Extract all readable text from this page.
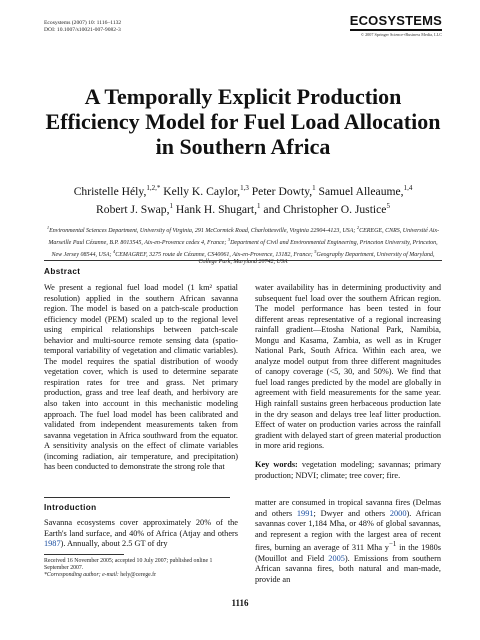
Ecosystems (2007) 10: 1116–1132
DOI: 10.1007/s10021-007-9082-3
ECOSYSTEMS
© 2007 Springer Science+Business Media, LLC
A Temporally Explicit Production Efficiency Model for Fuel Load Allocation in Southern Africa
Christelle Hély,$^{1,2,*}$ Kelly K. Caylor,$^{1,3}$ Peter Dowty,$^1$ Samuel Alleaume,$^{1,4}$
Robert J. Swap,$^1$ Hank H. Shugart,$^1$ and Christopher O. Justice$^5$
$^1$Environmental Sciences Department, University of Virginia, 291 McCormick Road, Charlottesville, Virginia 22904-4123, USA; $^2$CEREGE, CNRS, Université Aix-Marseille Paul Cézanne, B.P. 8013545, Aix-en-Provence cedex 4, France; $^3$Department of Civil and Environmental Engineering, Princeton University, Princeton, New Jersey 08544, USA; $^4$CEMAGREF, 3275 route de Cézanne, CS40061, Aix-en-Provence, 13182, France; $^5$Geography Department, University of Maryland, College Park, Maryland 20742, USA
Abstract

We present a regional fuel load model (1 km² spatial resolution) applied in the southern African savanna region. The model is based on a patch-scale production efficiency model (PEM) scaled up to the regional level using empirical relationships between patch-scale behavior and multi-source remote sensing data (spatio-temporal variability of vegetation and climatic variables). The model requires the spatial distribution of woody vegetation cover, which is used to determine separate respiration rates for tree and grass. Net primary production, grass and tree leaf death, and herbivory are also taken into account in this mechanistic modeling approach. The fuel load model has been calibrated and validated from independent measurements taken from savanna vegetation in Africa southward from the equator. A sensitivity analysis on the effect of climate variables (incoming radiation, air temperature, and precipitation) has been conducted to demonstrate the strong role that

water availability has in determining productivity and subsequent fuel load over the southern African region. The model performance has been tested in four different areas representative of a regional increasing rainfall gradient—Etosha National Park, Namibia, Mongu and Kasama, Zambia, as well as in Kruger National Park, South Africa. Within each area, we analyze model output from three different magnitudes of canopy coverage (<5, 30, and 50%). We find that fuel load ranges predicted by the model are globally in agreement with field measurements for the same year. High rainfall sustains green herbaceous production late in the dry season and delays tree leaf litter production. Effect of water on production varies across the rainfall gradient with delayed start of green material production in more arid regions.

Key words: vegetation modeling; savannas; primary production; NDVI; climate; tree cover; fire.

Introduction

Savanna ecosystems cover approximately 20% of the Earth's land surface, and 40% of Africa (Atjay and others 1987). Annually, about 2.5 GT of dry

matter are consumed in tropical savanna fires (Delmas and others 1991; Dwyer and others 2000). African savannas cover 1,184 Mha, or 48% of global savannas, and represent a region with the largest area of recent fires, burning an average of 311 Mha $y^{-1}$ in the 1980s (Mouillot and Field 2005). Emissions from southern African savanna fires, both natural and man-made, provide an

Received 16 November 2005; accepted 10 July 2007; published online 1 September 2007.
*Corresponding author; e-mail: hely@cerege.fr
1116
